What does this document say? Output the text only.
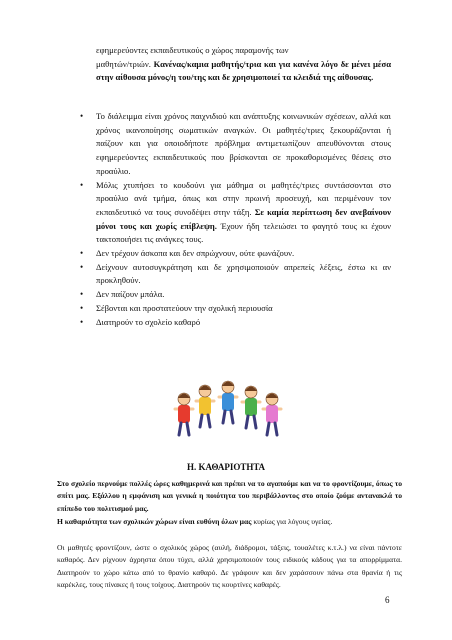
εφημερεύοντες εκπαιδευτικούς ο χώρος παραμονής των
μαθητών/τριών. Κανένας/καμια μαθητής/τρια και για κανένα λόγο δε μένει μέσα στην αίθουσα μόνος/η του/της και δε χρησιμοποιεί τα κλειδιά της αίθουσας.
• Το διάλειμμα είναι χρόνος παιχνιδιού και ανάπτυξης κοινωνικών σχέσεων, αλλά και χρόνος ικανοποίησης σωματικών αναγκών. Οι μαθητές/τριες ξεκουράζονται ή παίζουν και για οποιοδήποτε πρόβλημα αντιμετωπίζουν απευθύνονται στους εφημερεύοντες εκπαιδευτικούς που βρίσκονται σε προκαθορισμένες θέσεις στο προαύλιο.
• Μόλις χτυπήσει το κουδούνι για μάθημα οι μαθητές/τριες συντάσσονται στο προαύλιο ανά τμήμα, όπως και στην πρωινή προσευχή, και περιμένουν τον εκπαιδευτικό να τους συνοδέψει στην τάξη. Σε καμία περίπτωση δεν ανεβαίνουν μόνοι τους και χωρίς επίβλεψη. Έχουν ήδη τελειώσει το φαγητό τους κι έχουν τακτοποιήσει τις ανάγκες τους.
• Δεν τρέχουν άσκοπα και δεν σπρώχνουν, ούτε φωνάζουν.
• Δείχνουν αυτοσυγκράτηση και δε χρησιμοποιούν απρεπείς λέξεις, έστω κι αν προκληθούν.
• Δεν παίζουν μπάλα.
• Σέβονται και προστατεύουν την σχολική περιουσία
• Διατηρούν το σχολείο καθαρό
Η. ΚΑΘΑΡΙΟΤΗΤΑ
Στο σχολείο περνούμε πολλές ώρες καθημερινά και πρέπει να το αγαπούμε και να το φροντίζουμε, όπως το σπίτι μας. Εξάλλου η εμφάνιση και γενικά η ποιότητα του περιβάλλοντος στο οποίο ζούμε αντανακλά το επίπεδο του πολιτισμού μας.
Η καθαριότητα των σχολικών χώρων είναι ευθύνη όλων μας κυρίως για λόγους υγείας.
Οι μαθητές φροντίζουν, ώστε ο σχολικός χώρος (αυλή, διάδρομοι, τάξεις, τουαλέτες κ.τ.λ.) να είναι πάντοτε καθαρός. Δεν ρίχνουν άχρηστα όπου τύχει, αλλά χρησιμοποιούν τους ειδικούς κάδους για τα απορρίμματα. Διατηρούν το χώρο κάτω από το θρανίο καθαρό. Δε γράφουν και δεν χαράσσουν πάνω στα θρανία ή τις καρέκλες, τους πίνακες ή τους τοίχους. Διατηρούν τις κουρτίνες καθαρές.
6
